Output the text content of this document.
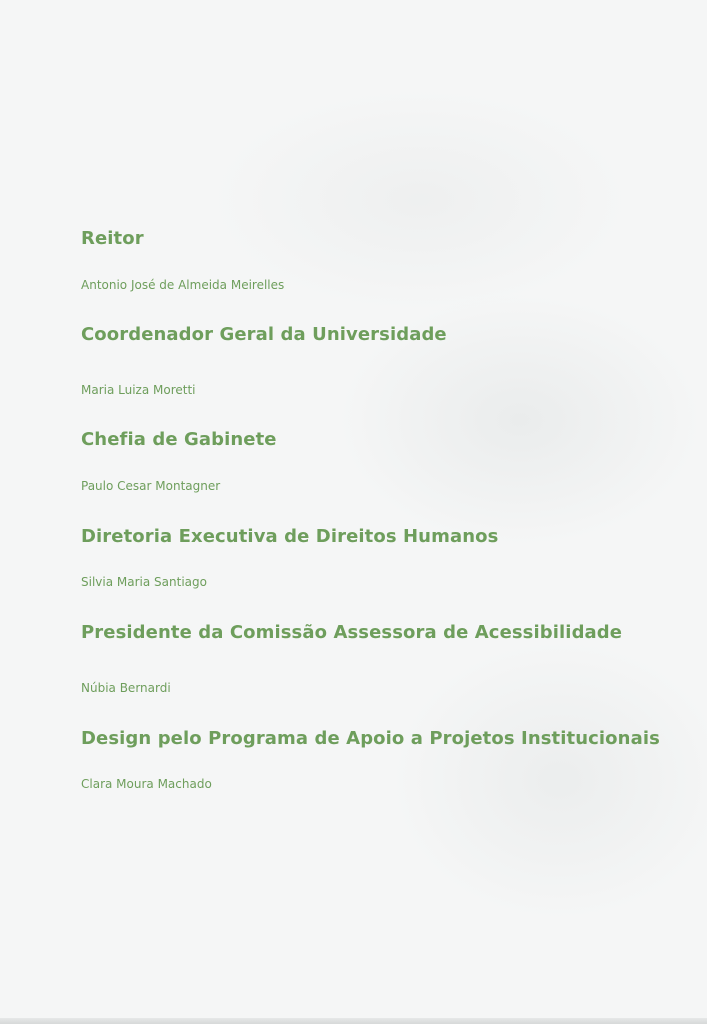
Reitor

Antonio José de Almeida Meirelles

Coordenador Geral da Universidade

Maria Luiza Moretti

Chefia de Gabinete

Paulo Cesar Montagner

Diretoria Executiva de Direitos Humanos

Silvia Maria Santiago

Presidente da Comissão Assessora de Acessibilidade

Núbia Bernardi

Design pelo Programa de Apoio a Projetos Institucionais

Clara Moura Machado
